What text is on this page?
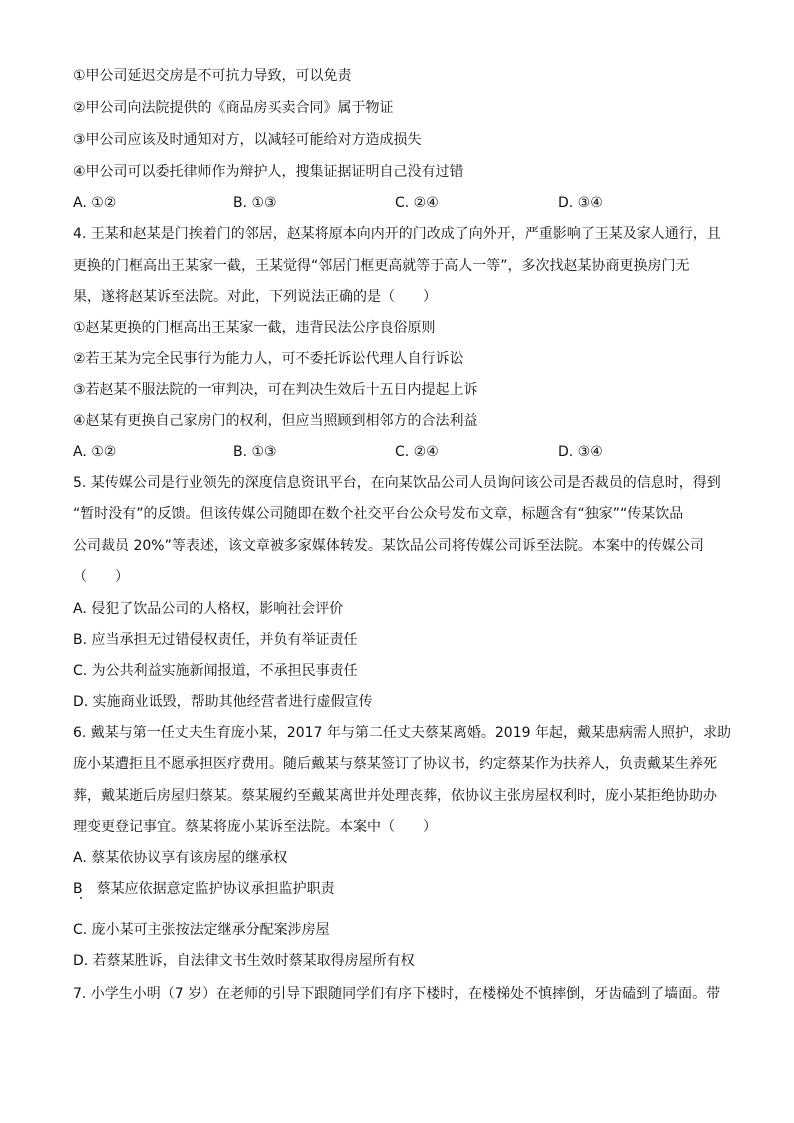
①甲公司延迟交房是不可抗力导致，可以免责
②甲公司向法院提供的《商品房买卖合同》属于物证
③甲公司应该及时通知对方，以减轻可能给对方造成损失
④甲公司可以委托律师作为辩护人，搜集证据证明自己没有过错
A. ①②	B. ①③	C. ②④	D. ③④
4. 王某和赵某是门挨着门的邻居，赵某将原本向内开的门改成了向外开，严重影响了王某及家人通行，且
更换的门框高出王某家一截，王某觉得“邻居门框更高就等于高人一等”，多次找赵某协商更换房门无
果，遂将赵某诉至法院。对此，下列说法正确的是（　　）
①赵某更换的门框高出王某家一截，违背民法公序良俗原则
②若王某为完全民事行为能力人，可不委托诉讼代理人自行诉讼
③若赵某不服法院的一审判决，可在判决生效后十五日内提起上诉
④赵某有更换自己家房门的权利，但应当照顾到相邻方的合法利益
A. ①②	B. ①③	C. ②④	D. ③④
5. 某传媒公司是行业领先的深度信息资讯平台，在向某饮品公司人员询问该公司是否裁员的信息时，得到
“暂时没有”的反馈。但该传媒公司随即在数个社交平台公众号发布文章，标题含有“独家”“传某饮品
公司裁员 20%”等表述，该文章被多家媒体转发。某饮品公司将传媒公司诉至法院。本案中的传媒公司
（　　）
A. 侵犯了饮品公司的人格权，影响社会评价
B. 应当承担无过错侵权责任，并负有举证责任
C. 为公共利益实施新闻报道，不承担民事责任
D. 实施商业诋毁，帮助其他经营者进行虚假宣传
6. 戴某与第一任丈夫生育庞小某，2017 年与第二任丈夫蔡某离婚。2019 年起，戴某患病需人照护，求助
庞小某遭拒且不愿承担医疗费用。随后戴某与蔡某签订了协议书，约定蔡某作为扶养人，负责戴某生养死
葬，戴某逝后房屋归蔡某。蔡某履约至戴某离世并处理丧葬，依协议主张房屋权利时，庞小某拒绝协助办
理变更登记事宜。蔡某将庞小某诉至法院。本案中（　　）
A. 蔡某依协议享有该房屋的继承权
B　蔡某应依据意定监护协议承担监护职责
C. 庞小某可主张按法定继承分配案涉房屋
D. 若蔡某胜诉，自法律文书生效时蔡某取得房屋所有权
7. 小学生小明（7 岁）在老师的引导下跟随同学们有序下楼时，在楼梯处不慎摔倒，牙齿磕到了墙面。带
